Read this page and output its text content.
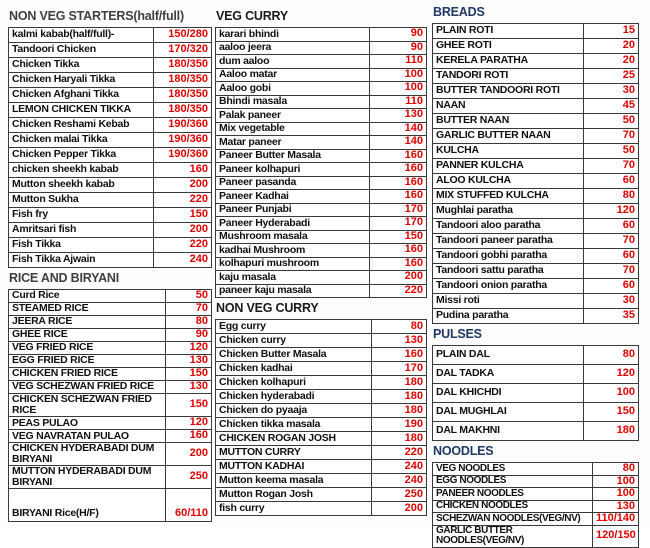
NON VEG STARTERS(half/full)
kalmi kabab(half/full)-	150/280
Tandoori Chicken	170/320
Chicken Tikka	180/350
Chicken Haryali Tikka	180/350
Chicken Afghani Tikka	180/350
LEMON CHICKEN TIKKA	180/350
Chicken Reshami Kebab	190/360
Chicken malai Tikka	190/360
Chicken Pepper Tikka	190/360
chicken sheekh kabab	160
Mutton sheekh kabab	200
Mutton Sukha	220
Fish fry	150
Amritsari fish	200
Fish Tikka	220
Fish Tikka Ajwain	240
RICE AND BIRYANI
Curd Rice	50
STEAMED RICE	70
JEERA RICE	80
GHEE RICE	90
VEG FRIED RICE	120
EGG FRIED RICE	130
CHICKEN FRIED RICE	150
VEG SCHEZWAN FRIED RICE	130
CHICKEN SCHEZWAN FRIED RICE	150
PEAS PULAO	120
VEG NAVRATAN PULAO	160
CHICKEN HYDERABADI DUM BIRYANI	200
MUTTON HYDERABADI DUM BIRYANI	250
BIRYANI Rice(H/F)	60/110
VEG CURRY
karari bhindi	90
aaloo jeera	90
dum aaloo	110
Aaloo matar	100
Aaloo gobi	100
Bhindi masala	110
Palak paneer	130
Mix vegetable	140
Matar paneer	140
Paneer Butter Masala	160
Paneer kolhapuri	160
Paneer pasanda	160
Paneer Kadhai	160
Paneer Punjabi	170
Paneer Hyderabadi	170
Mushroom masala	150
kadhai Mushroom	160
kolhapuri mushroom	160
kaju masala	200
paneer kaju masala	220
NON VEG CURRY
Egg curry	80
Chicken curry	130
Chicken Butter Masala	160
Chicken kadhai	170
Chicken kolhapuri	180
Chicken hyderabadi	180
Chicken do pyaaja	180
Chicken tikka masala	190
CHICKEN ROGAN JOSH	180
MUTTON CURRY	220
MUTTON KADHAI	240
Mutton keema masala	240
Mutton Rogan Josh	250
fish curry	200
BREADS
PLAIN ROTI	15
GHEE ROTI	20
KERELA PARATHA	20
TANDORI ROTI	25
BUTTER TANDOORI ROTI	30
NAAN	45
BUTTER NAAN	50
GARLIC BUTTER NAAN	70
KULCHA	50
PANNER KULCHA	70
ALOO KULCHA	60
MIX STUFFED KULCHA	80
Mughlai paratha	120
Tandoori aloo paratha	60
Tandoori paneer paratha	70
Tandoori gobhi paratha	60
Tandoori sattu paratha	70
Tandoori onion paratha	60
Missi roti	30
Pudina paratha	35
PULSES
PLAIN DAL	80
DAL TADKA	120
DAL KHICHDI	100
DAL MUGHLAI	150
DAL MAKHNI	180
NOODLES
VEG NOODLES	80
EGG NOODLES	100
PANEER NOODLES	100
CHICKEN NOODLES	130
SCHEZWAN NOODLES(VEG/NV)	110/140
GARLIC BUTTER NOODLES(VEG/NV)	120/150
